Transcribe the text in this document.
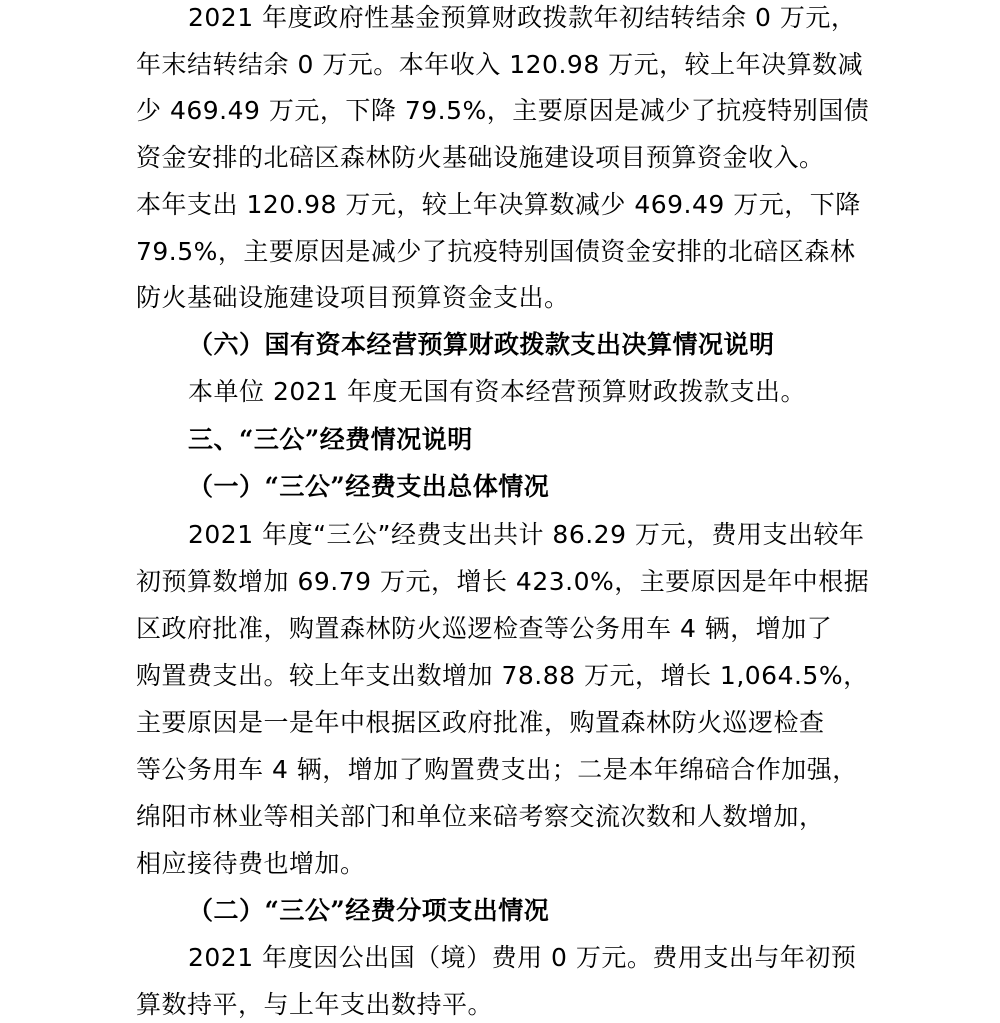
2021 年度政府性基金预算财政拨款年初结转结余 0 万元，
年末结转结余 0 万元。本年收入 120.98 万元，较上年决算数减
少 469.49 万元，下降 79.5%，主要原因是减少了抗疫特别国债
资金安排的北碚区森林防火基础设施建设项目预算资金收入。
本年支出 120.98 万元，较上年决算数减少 469.49 万元，下降
79.5%，主要原因是减少了抗疫特别国债资金安排的北碚区森林
防火基础设施建设项目预算资金支出。
（六）国有资本经营预算财政拨款支出决算情况说明
本单位 2021 年度无国有资本经营预算财政拨款支出。
三、“三公”经费情况说明
（一）“三公”经费支出总体情况
2021 年度“三公”经费支出共计 86.29 万元，费用支出较年
初预算数增加 69.79 万元，增长 423.0%，主要原因是年中根据
区政府批准，购置森林防火巡逻检查等公务用车 4 辆，增加了
购置费支出。较上年支出数增加 78.88 万元，增长 1,064.5%，
主要原因是一是年中根据区政府批准，购置森林防火巡逻检查
等公务用车 4 辆，增加了购置费支出；二是本年绵碚合作加强，
绵阳市林业等相关部门和单位来碚考察交流次数和人数增加，
相应接待费也增加。
（二）“三公”经费分项支出情况
2021 年度因公出国（境）费用 0 万元。费用支出与年初预
算数持平，与上年支出数持平。
